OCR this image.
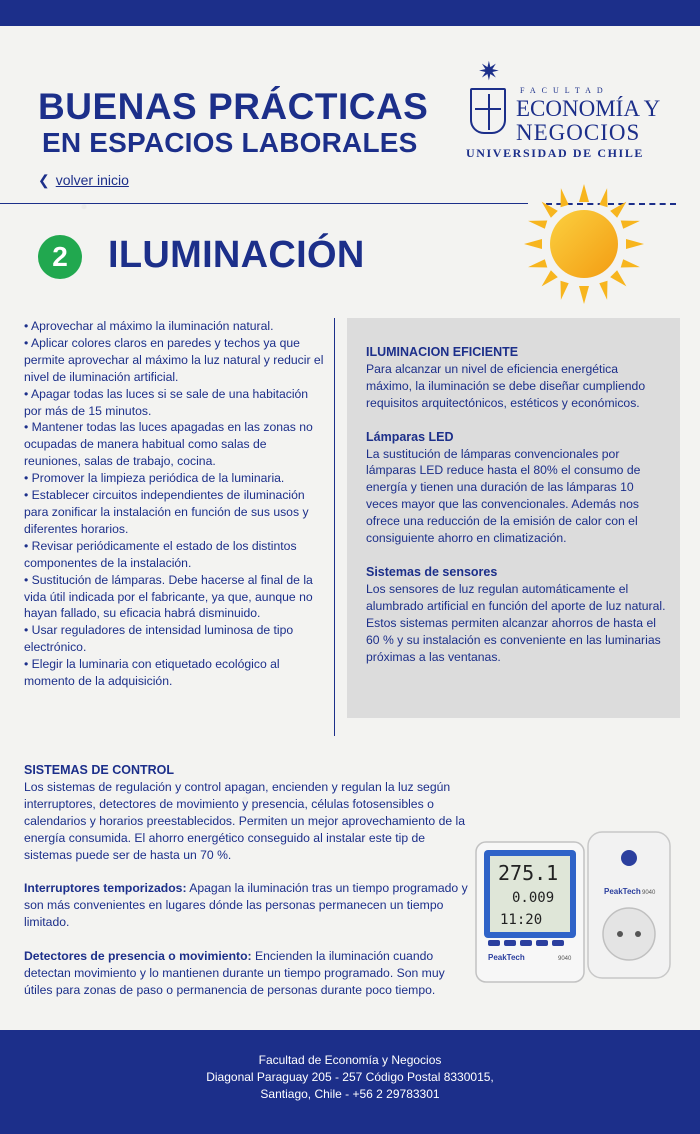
BUENAS PRÁCTICAS
EN ESPACIOS LABORALES
✷
FACULTAD
ECONOMÍA Y
NEGOCIOS
UNIVERSIDAD DE CHILE
❮ volver inicio
2	ILUMINACIÓN
• Aprovechar al máximo la iluminación natural.
• Aplicar colores claros en paredes y techos ya que permite aprovechar al máximo la luz natural y reducir el nivel de iluminación artificial.
• Apagar todas las luces si se sale de una habitación por más de 15 minutos.
• Mantener todas las luces apagadas en las zonas no ocupadas de manera habitual como salas de reuniones, salas de trabajo, cocina.
• Promover la limpieza periódica de la luminaria.
• Establecer circuitos independientes de iluminación para zonificar la instalación en función de sus usos y diferentes horarios.
• Revisar periódicamente el estado de los distintos componentes de la instalación.
• Sustitución de lámparas. Debe hacerse al final de la vida útil indicada por el fabricante, ya que, aunque no hayan fallado, su eficacia habrá disminuido.
• Usar reguladores de intensidad luminosa de tipo electrónico.
• Elegir la luminaria con etiquetado ecológico al momento de la adquisición.
ILUMINACION EFICIENTE

Para alcanzar un nivel de eficiencia energética máximo, la iluminación se debe diseñar cumpliendo requisitos arquitectónicos, estéticos y económicos.

Lámparas LED

La sustitución de lámparas convencionales por lámparas LED reduce hasta el 80% el consumo de energía y tienen una duración de las lámparas 10 veces mayor que las convencionales. Además nos ofrece una reducción de la emisión de calor con el consiguiente ahorro en climatización.

Sistemas de sensores

Los sensores de luz regulan automáticamente el alumbrado artificial en función del aporte de luz natural. Estos sistemas permiten alcanzar ahorros de hasta el 60 % y su instalación es conveniente en las luminarias próximas a las ventanas.

SISTEMAS DE CONTROL

Los sistemas de regulación y control apagan, encienden y regulan la luz según interruptores, detectores de movimiento y presencia, células fotosensibles o calendarios y horarios preestablecidos. Permiten un mejor aprovechamiento de la energía consumida. El ahorro energético conseguido al instalar este tip de sistemas puede ser de hasta un 70 %.

Interruptores temporizados: Apagan la iluminación tras un tiempo programado y son más convenientes en lugares dónde las personas permanecen un tiempo limitado.

Detectores de presencia o movimiento: Encienden la iluminación cuando detectan movimiento y lo mantienen durante un tiempo programado. Son muy útiles para zonas de paso o permanencia de personas durante poco tiempo.

PeakTech 9040
275.1
0.009
11:20
PeakTech	9040
Facultad de Economía y Negocios
Diagonal Paraguay 205 - 257 Código Postal 8330015,
Santiago, Chile - +56 2 29783301
